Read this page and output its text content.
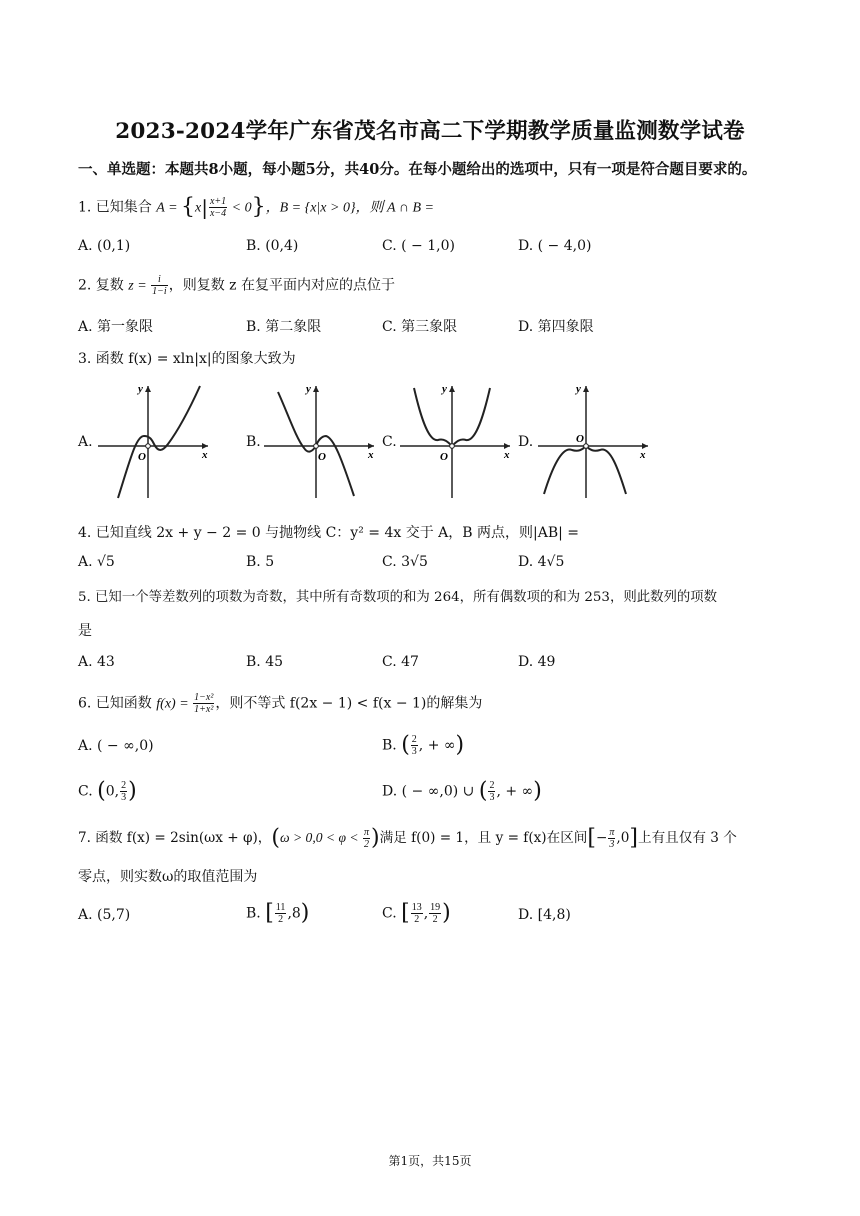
2023-2024学年广东省茂名市高二下学期教学质量监测数学试卷
一、单选题：本题共8小题，每小题5分，共40分。在每小题给出的选项中，只有一项是符合题目要求的。
1. 已知集合 $A = \{x| \frac{x+1}{x-4} < 0\}$，B = {x|x > 0}，则 A ∩ B =
A. (0,1)	B. (0,4)	C. ( − 1,0)	D. ( − 4,0)
2. 复数 $z = \frac{i}{1-i}$ ，则复数 z 在复平面内对应的点位于
A. 第一象限	B. 第二象限	C. 第三象限	D. 第四象限
3. 函数 f(x) = xln|x|的图象大致为
A.	B.	C.	D.
O	x
y
O	x
y
O	x
y
O
x
y
4. 已知直线 2x + y − 2 = 0 与抛物线 C：y² = 4x 交于 A，B 两点，则|AB| =
A. √5	B. 5	C. 3√5	D. 4√5
5. 已知一个等差数列的项数为奇数，其中所有奇数项的和为 264，所有偶数项的和为 253，则此数列的项数
是
A. 43	B. 45	C. 47	D. 49
6. 已知函数 $f(x) = \frac{\text{1−x²}}{\text{1+x²}}$ ，则不等式 f(2x − 1) < f(x − 1)的解集为
A. ( − ∞,0)	B. ( $\frac{2}{3}$ , + ∞)
C. (0, $\frac{2}{3}$ )	D. ( − ∞,0) ∪ ( $\frac{2}{3}$ , + ∞)
7. 函数 f(x) = 2sin(ωx + φ)，($\omega > 0,0 < \varphi < \frac{\pi}{2}$ )满足 f(0) = 1，且 y = f(x)在区间[− $\frac{\pi}{3} ,0$]上有且仅有 3 个
零点，则实数ω的取值范围为
A. (5,7)	B. [ $\frac{11}{2} ,8$)	C. [ $\frac{13}{2}$ , $\frac{19}{2}$ )	D. [4,8)
第1页，共15页
